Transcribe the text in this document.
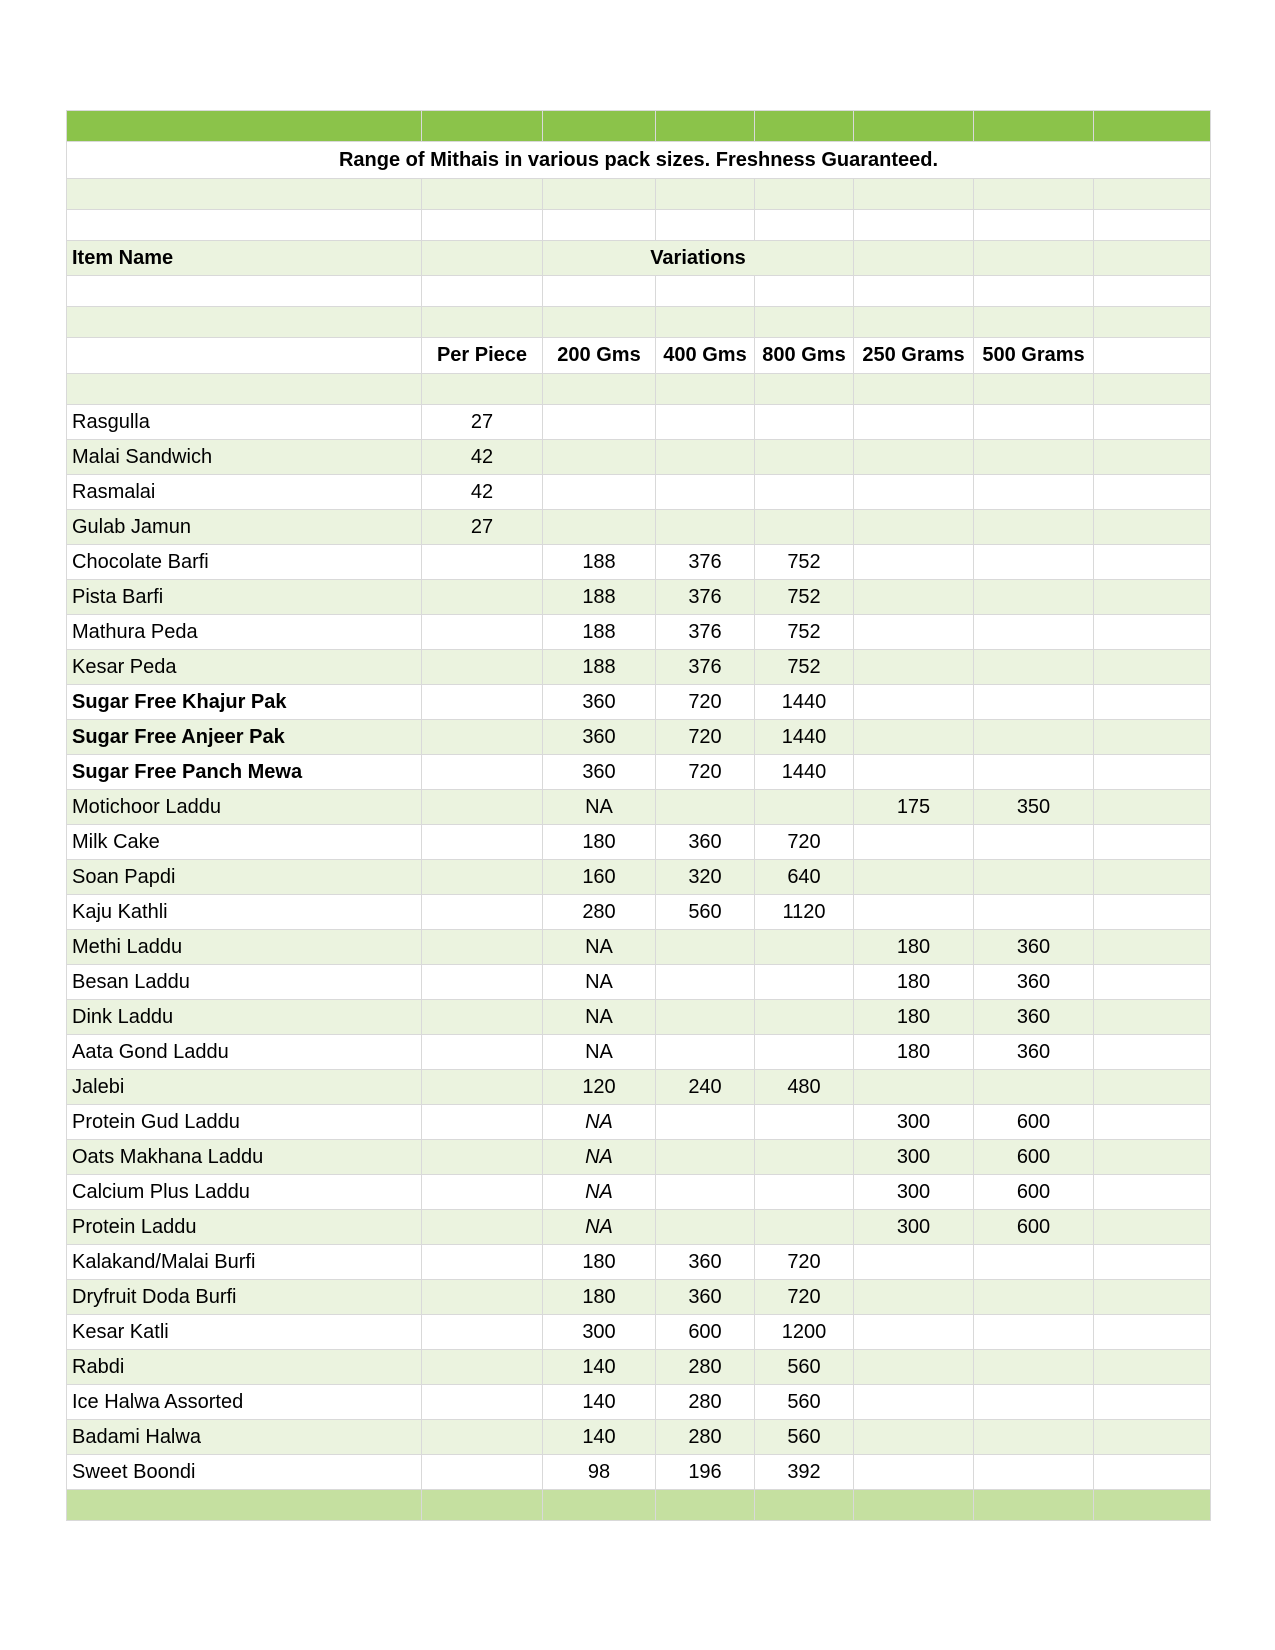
Range of Mithais in various pack sizes. Freshness Guaranteed.							

Item Name		Variations					

	Per Piece	200 Gms	400 Gms	800 Gms	250 Grams	500 Grams	

Rasgulla	27						
Malai Sandwich	42						
Rasmalai	42						
Gulab Jamun	27						
Chocolate Barfi		188	376	752			
Pista Barfi		188	376	752			
Mathura Peda		188	376	752			
Kesar Peda		188	376	752			
Sugar Free Khajur Pak		360	720	1440			
Sugar Free Anjeer Pak		360	720	1440			
Sugar Free Panch Mewa		360	720	1440			
Motichoor Laddu		NA			175	350	
Milk Cake		180	360	720			
Soan Papdi		160	320	640			
Kaju Kathli		280	560	1120			
Methi Laddu		NA			180	360	
Besan Laddu		NA			180	360	
Dink Laddu		NA			180	360	
Aata Gond Laddu		NA			180	360	
Jalebi		120	240	480			
Protein Gud Laddu		NA			300	600	
Oats Makhana Laddu		NA			300	600	
Calcium Plus Laddu		NA			300	600	
Protein Laddu		NA			300	600	
Kalakand/Malai Burfi		180	360	720			
Dryfruit Doda Burfi		180	360	720			
Kesar Katli		300	600	1200			
Rabdi		140	280	560			
Ice Halwa Assorted		140	280	560			
Badami Halwa		140	280	560			
Sweet Boondi		98	196	392			
